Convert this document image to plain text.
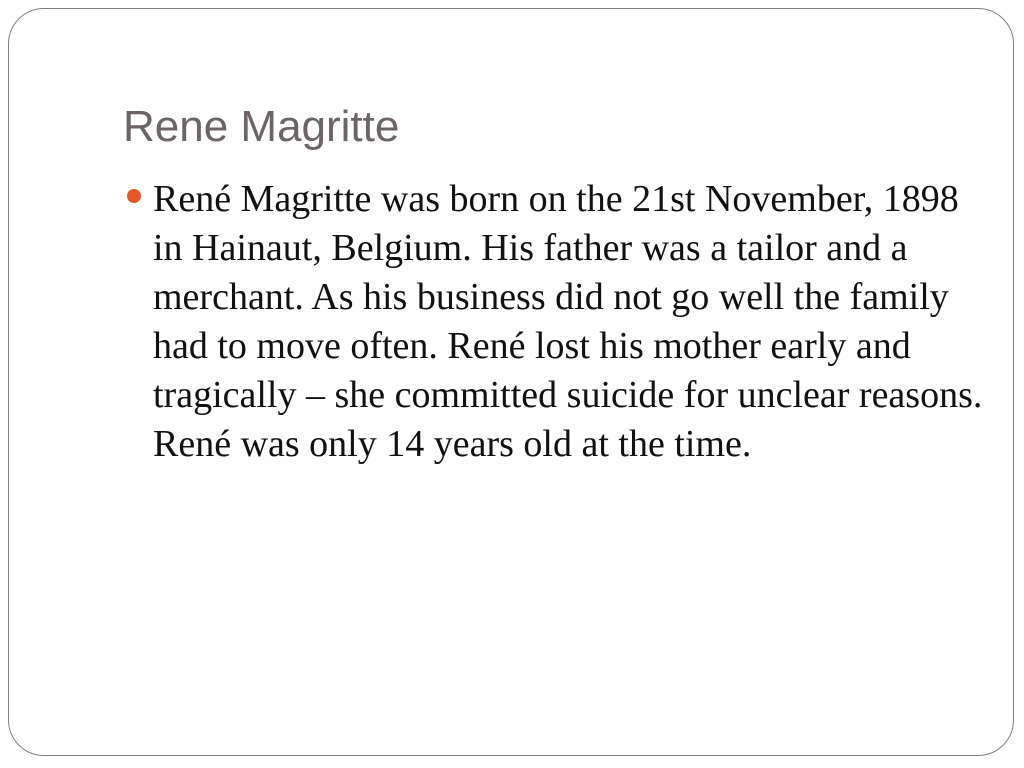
Rene Magritte
René Magritte was born on the 21st November, 1898 in Hainaut, Belgium. His father was a tailor and a merchant. As his business did not go well the family had to move often. René lost his mother early and tragically – she committed suicide for unclear reasons. René was only 14 years old at the time.
